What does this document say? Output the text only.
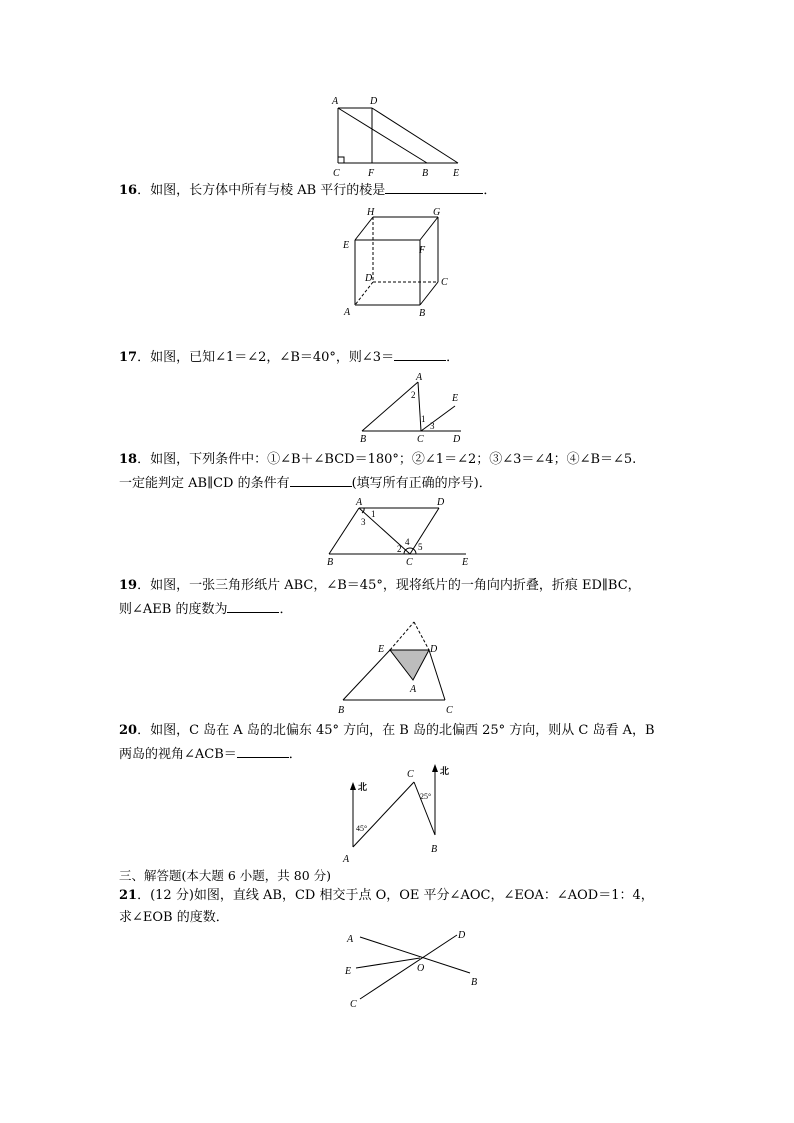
A	D
C	F	B E
16．如图，长方体中所有与棱 AB 平行的棱是	．
H	G
E	F
D	C
A	B
17．如图，已知∠1＝∠2，∠B＝40°，则∠3＝	．
A
2	E
1
3
B	C	D
18．如图，下列条件中：①∠B＋∠BCD＝180°；②∠1＝∠2；③∠3＝∠4；④∠B＝∠5.
一定能判定 AB∥CD 的条件有	(填写所有正确的序号)．
A	D
1
3
4
2 5
B	C	E
19．如图，一张三角形纸片 ABC，∠B＝45°，现将纸片的一角向内折叠，折痕 ED∥BC，
则∠AEB 的度数为	．
E	D
A
B	C
20．如图，C 岛在 A 岛的北偏东 45° 方向，在 B 岛的北偏西 25° 方向，则从 C 岛看 A，B
两岛的视角∠ACB＝	．
北
北
C
25°
45°
A
B
三、解答题(本大题 6 小题，共 80 分)
21．(12 分)如图，直线 AB，CD 相交于点 O，OE 平分∠AOC，∠EOA：∠AOD＝1：4，
求∠EOB 的度数．
A	D
E	O
B
C
